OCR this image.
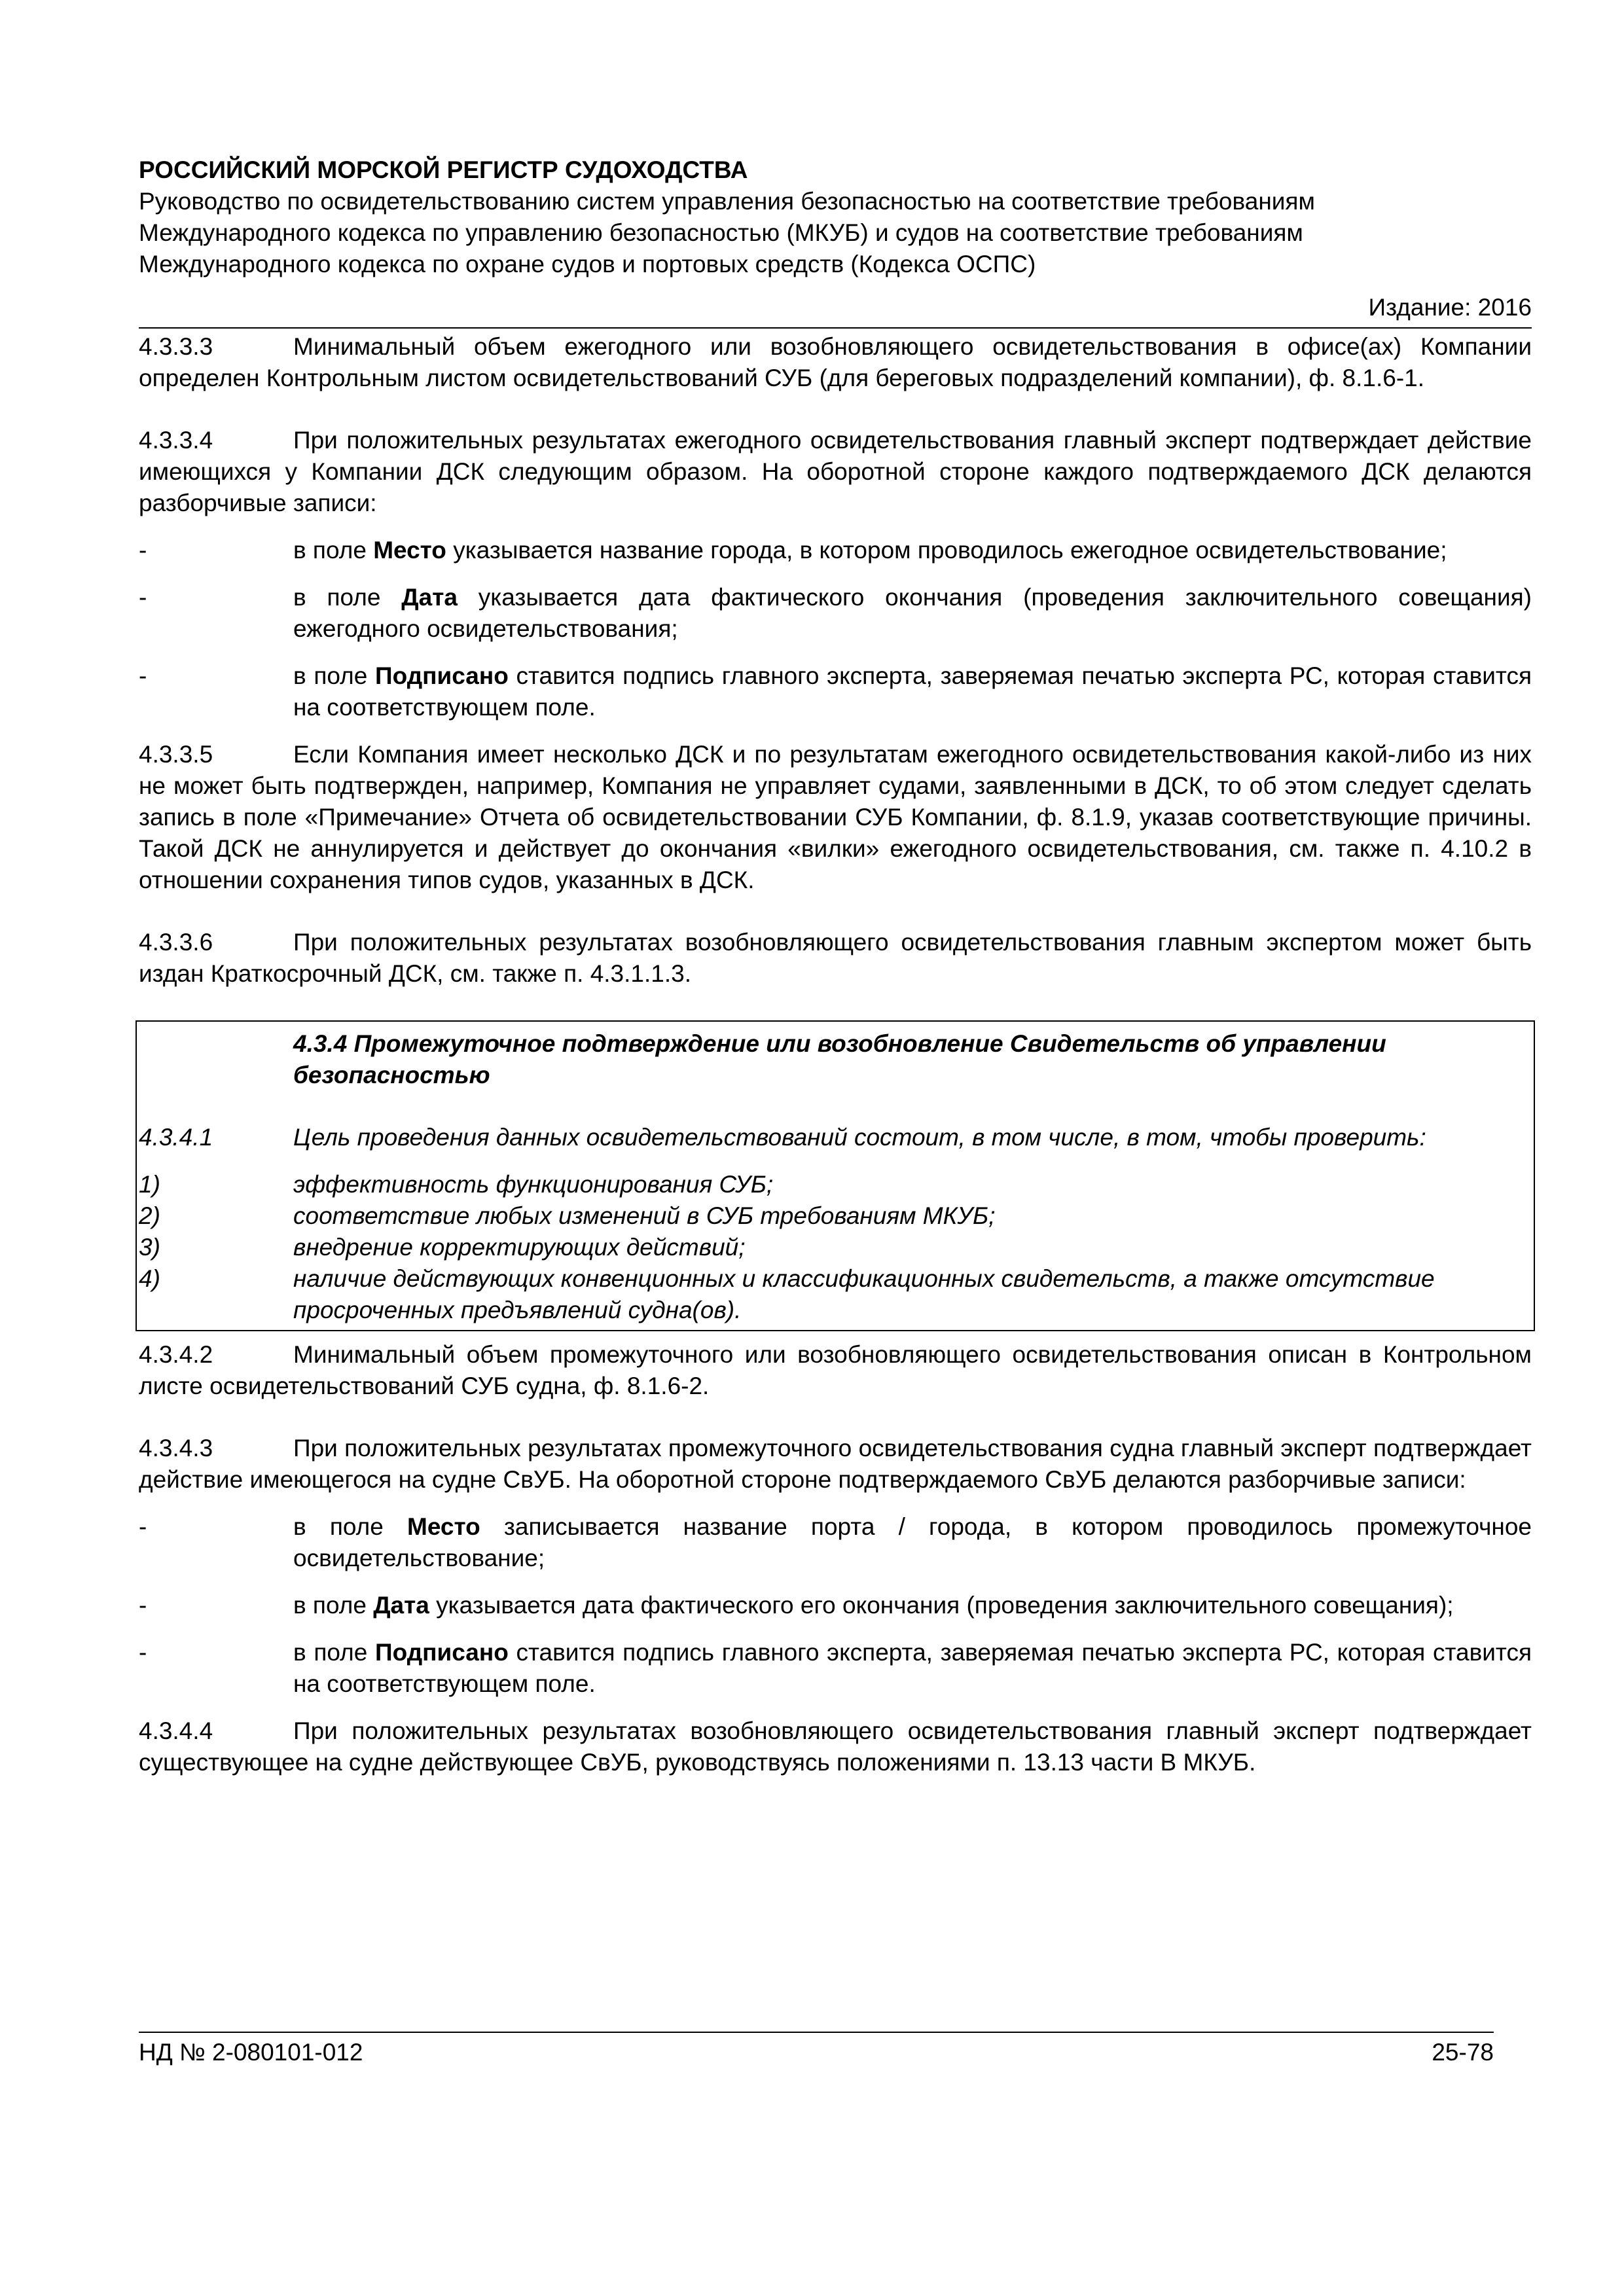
РОССИЙСКИЙ МОРСКОЙ РЕГИСТР СУДОХОДСТВА
Руководство по освидетельствованию систем управления безопасностью на соответствие требованиям
Международного кодекса по управлению безопасностью (МКУБ) и судов на соответствие требованиям
Международного кодекса по охране судов и портовых средств (Кодекса ОСПС)
Издание: 2016

4.3.3.3	Минимальный объем ежегодного или возобновляющего освидетельствования в офисе(ах) Компании определен Контрольным листом освидетельствований СУБ (для береговых подразделений компании), ф. 8.1.6-1.

4.3.3.4	При положительных результатах ежегодного освидетельствования главный эксперт подтверждает действие имеющихся у Компании ДСК следующим образом. На оборотной стороне каждого подтверждаемого ДСК делаются разборчивые записи:

-	в поле Место указывается название города, в котором проводилось ежегодное освидетельствование;
-	в поле Дата указывается дата фактического окончания (проведения заключительного совещания) ежегодного освидетельствования;
-	в поле Подписано ставится подпись главного эксперта, заверяемая печатью эксперта РС, которая ставится на соответствующем поле.

4.3.3.5	Если Компания имеет несколько ДСК и по результатам ежегодного освидетельствования какой-либо из них не может быть подтвержден, например, Компания не управляет судами, заявленными в ДСК, то об этом следует сделать запись в поле «Примечание» Отчета об освидетельствовании СУБ Компании, ф. 8.1.9, указав соответствующие причины. Такой ДСК не аннулируется и действует до окончания «вилки» ежегодного освидетельствования, см. также п. 4.10.2 в отношении сохранения типов судов, указанных в ДСК.

4.3.3.6	При положительных результатах возобновляющего освидетельствования главным экспертом может быть издан Краткосрочный ДСК, см. также п. 4.3.1.1.3.

4.3.4 Промежуточное подтверждение или возобновление Свидетельств об управлении безопасностью

4.3.4.1	Цель проведения данных освидетельствований состоит, в том числе, в том, чтобы проверить:

1)	эффективность функционирования СУБ;
2)	соответствие любых изменений в СУБ требованиям МКУБ;
3)	внедрение корректирующих действий;
4)	наличие действующих конвенционных и классификационных свидетельств, а также отсутствие просроченных предъявлений судна(ов).

4.3.4.2	Минимальный объем промежуточного или возобновляющего освидетельствования описан в Контрольном листе освидетельствований СУБ судна, ф. 8.1.6-2.

4.3.4.3	При положительных результатах промежуточного освидетельствования судна главный эксперт подтверждает действие имеющегося на судне СвУБ. На оборотной стороне подтверждаемого СвУБ делаются разборчивые записи:

-	в поле Место записывается название порта / города, в котором проводилось промежуточное освидетельствование;
-	в поле Дата указывается дата фактического его окончания (проведения заключительного совещания);
-	в поле Подписано ставится подпись главного эксперта, заверяемая печатью эксперта РС, которая ставится на соответствующем поле.

4.3.4.4	При положительных результатах возобновляющего освидетельствования главный эксперт подтверждает существующее на судне действующее СвУБ, руководствуясь положениями п. 13.13 части В МКУБ.

НД № 2-080101-012	25-78
